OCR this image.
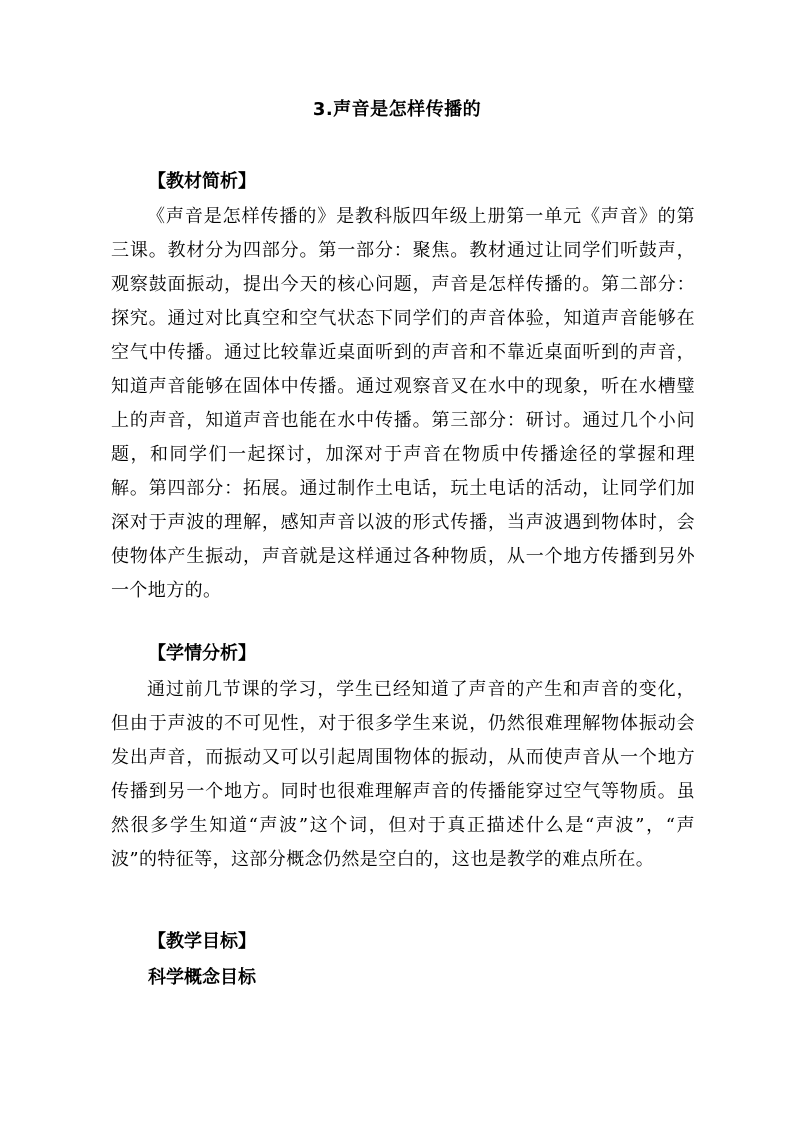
3.声音是怎样传播的
【教材简析】
《声音是怎样传播的》是教科版四年级上册第一单元《声音》的第三课。教材分为四部分。第一部分：聚焦。教材通过让同学们听鼓声，观察鼓面振动，提出今天的核心问题，声音是怎样传播的。第二部分：探究。通过对比真空和空气状态下同学们的声音体验，知道声音能够在空气中传播。通过比较靠近桌面听到的声音和不靠近桌面听到的声音，知道声音能够在固体中传播。通过观察音叉在水中的现象，听在水槽璧上的声音，知道声音也能在水中传播。第三部分：研讨。通过几个小问题，和同学们一起探讨，加深对于声音在物质中传播途径的掌握和理解。第四部分：拓展。通过制作土电话，玩土电话的活动，让同学们加深对于声波的理解，感知声音以波的形式传播，当声波遇到物体时，会使物体产生振动，声音就是这样通过各种物质，从一个地方传播到另外一个地方的。
【学情分析】
通过前几节课的学习，学生已经知道了声音的产生和声音的变化，但由于声波的不可见性，对于很多学生来说，仍然很难理解物体振动会发出声音，而振动又可以引起周围物体的振动，从而使声音从一个地方传播到另一个地方。同时也很难理解声音的传播能穿过空气等物质。虽然很多学生知道“声波”这个词，但对于真正描述什么是“声波”，“声波”的特征等，这部分概念仍然是空白的，这也是教学的难点所在。
【教学目标】
科学概念目标
